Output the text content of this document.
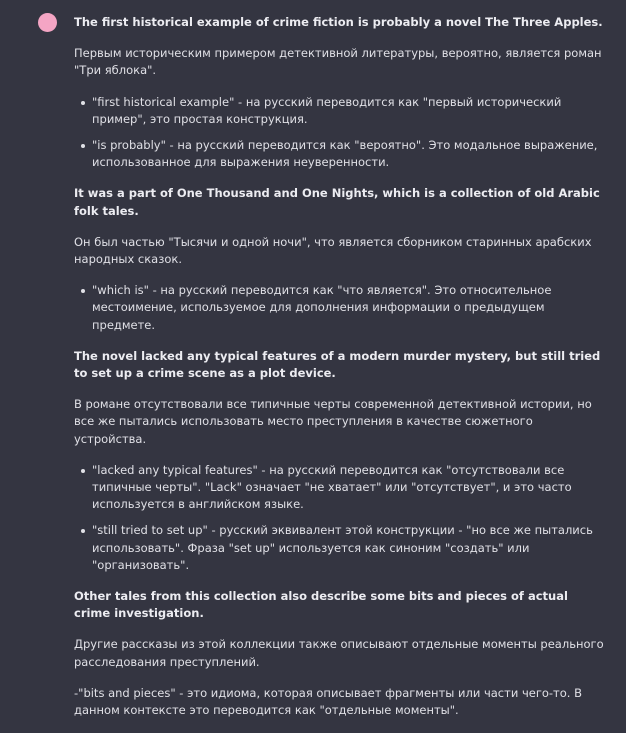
The first historical example of crime fiction is probably a novel The Three Apples.

Первым историческим примером детективной литературы, вероятно, является роман "Три яблока".

"first historical example" - на русский переводится как "первый исторический пример", это простая конструкция.
"is probably" - на русский переводится как "вероятно". Это модальное выражение, использованное для выражения неуверенности.

It was a part of One Thousand and One Nights, which is a collection of old Arabic folk tales.

Он был частью "Тысячи и одной ночи", что является сборником старинных арабских народных сказок.

"which is" - на русский переводится как "что является". Это относительное местоимение, используемое для дополнения информации о предыдущем предмете.

The novel lacked any typical features of a modern murder mystery, but still tried to set up a crime scene as a plot device.

В романе отсутствовали все типичные черты современной детективной истории, но все же пытались использовать место преступления в качестве сюжетного устройства.

"lacked any typical features" - на русский переводится как "отсутствовали все типичные черты". "Lack" означает "не хватает" или "отсутствует", и это часто используется в английском языке.
"still tried to set up" - русский эквивалент этой конструкции - "но все же пытались использовать". Фраза "set up" используется как синоним "создать" или "организовать".

Other tales from this collection also describe some bits and pieces of actual crime investigation.

Другие рассказы из этой коллекции также описывают отдельные моменты реального расследования преступлений.

-"bits and pieces" - это идиома, которая описывает фрагменты или части чего-то. В данном контексте это переводится как "отдельные моменты".
